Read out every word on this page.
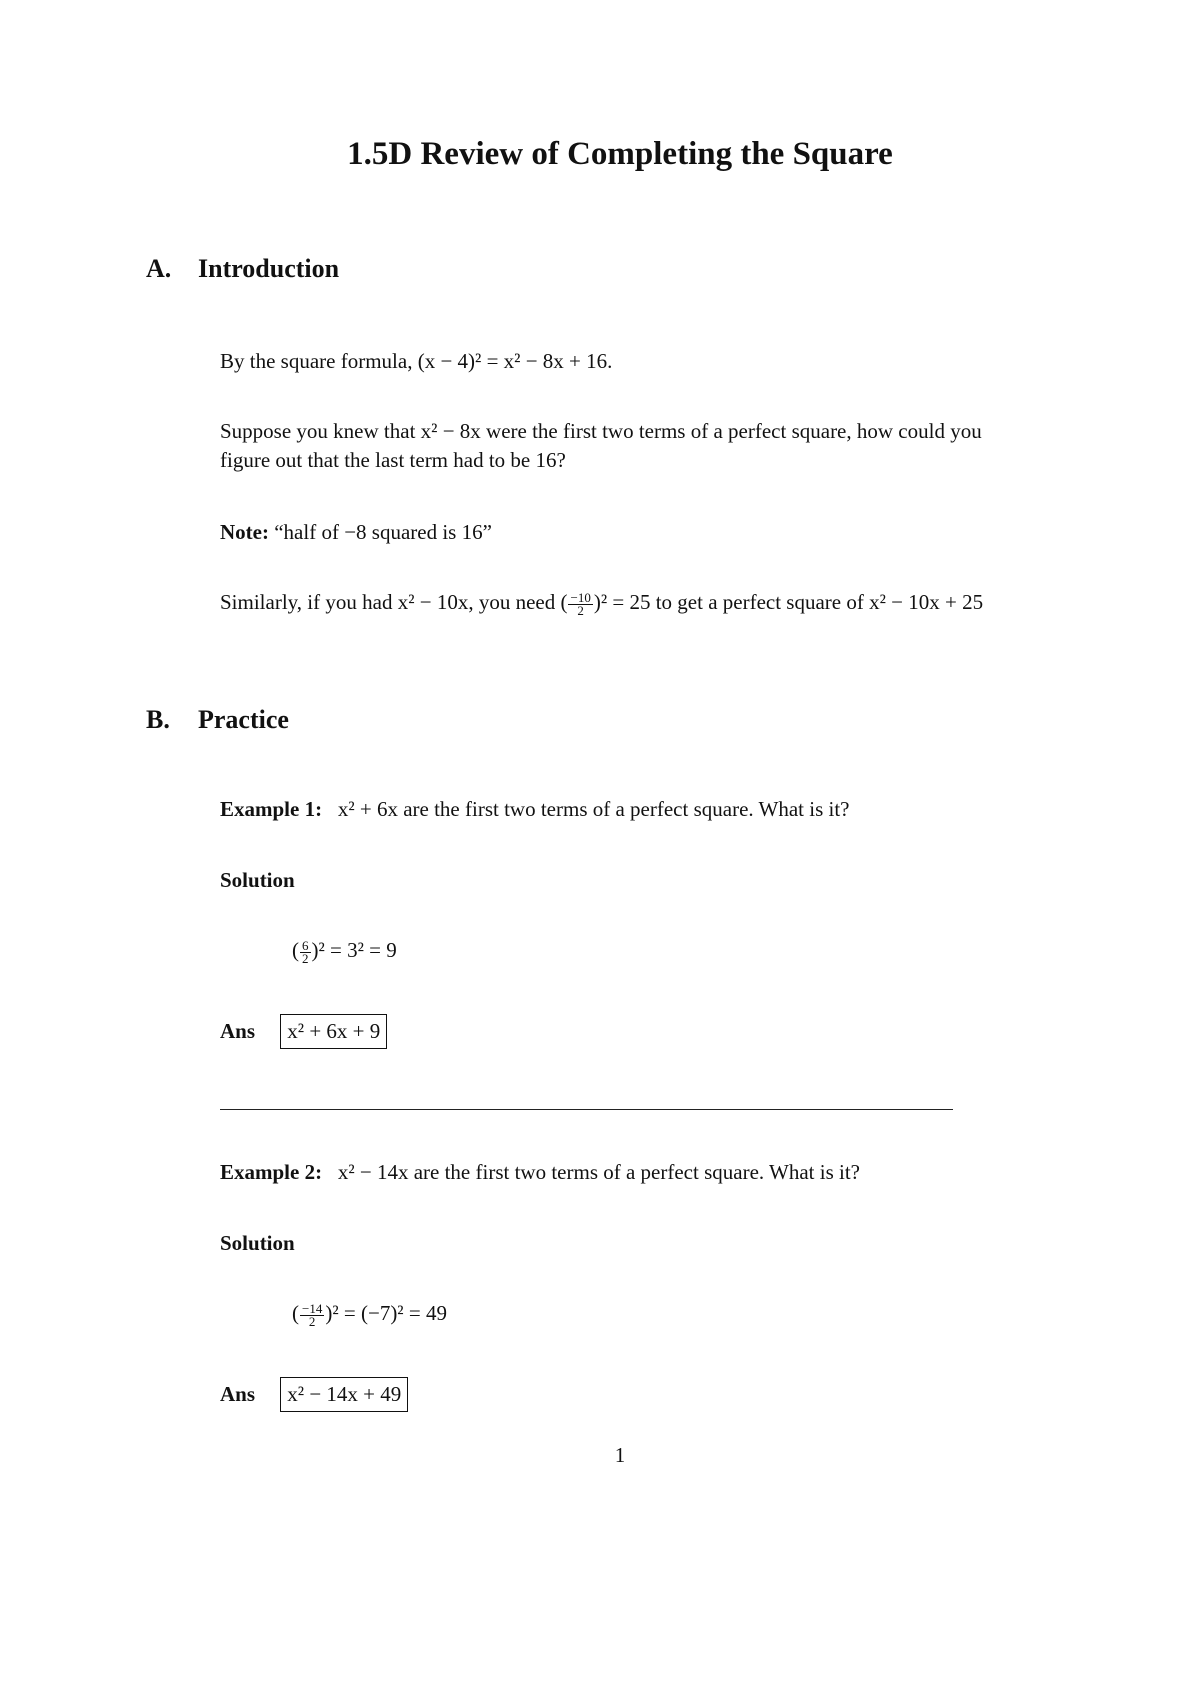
1.5D Review of Completing the Square
A. Introduction
By the square formula, (x − 4)² = x² − 8x + 16.
Suppose you knew that x² − 8x were the first two terms of a perfect square, how could you
figure out that the last term had to be 16?
Note: “half of −8 squared is 16”
Similarly, if you had x² − 10x, you need ( $\frac{-10}{2} )^2 = 25$ to get a perfect square of x² − 10x + 25
B. Practice
Example 1: x² + 6x are the first two terms of a perfect square. What is it?
Solution
( $\frac{6}{2} )^2 = 3^2 = 9$
Ans x² + 6x + 9
Example 2: x² − 14x are the first two terms of a perfect square. What is it?
Solution
( $\frac{-14}{2} )^2 = (-7)^2 = 49$
Ans x² − 14x + 49
1
